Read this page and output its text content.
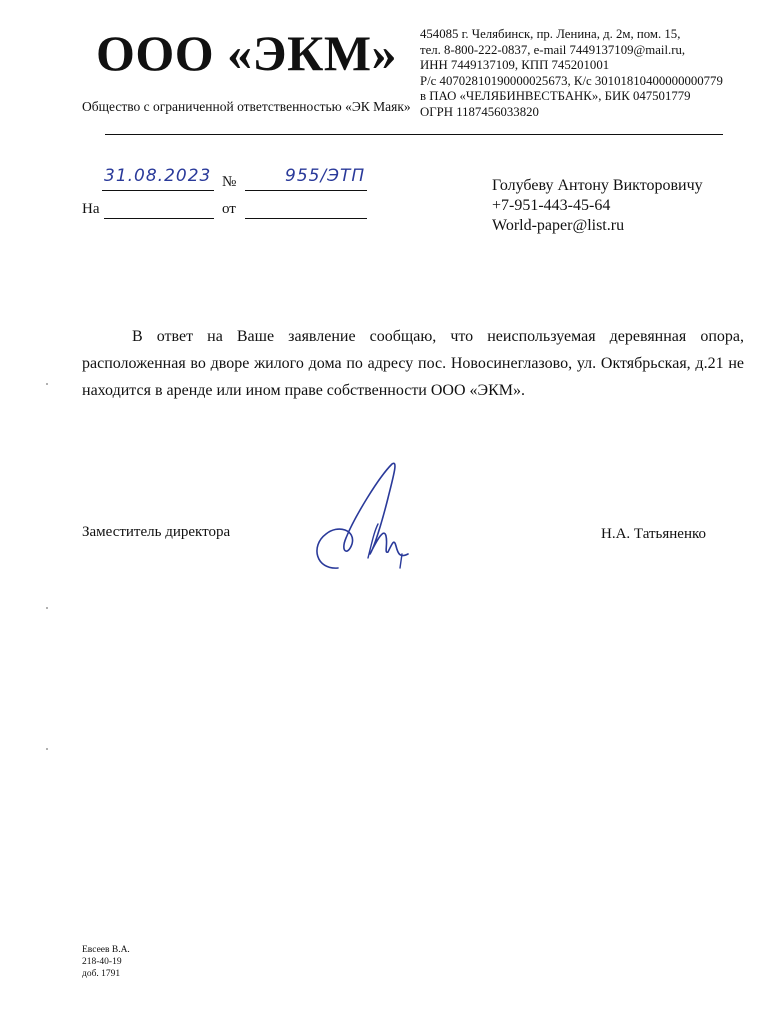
ООО «ЭКМ»
Общество с ограниченной ответственностью «ЭК Маяк»
454085 г. Челябинск, пр. Ленина, д. 2м, пом. 15,
тел. 8-800-222-0837, e-mail 7449137109@mail.ru,
ИНН 7449137109, КПП 745201001
Р/с 40702810190000025673, К/с 30101810400000000779
в ПАО «ЧЕЛЯБИНВЕСТБАНК», БИК 047501779
ОГРН 1187456033820
31.08.2023 №	955/ЭТП
На	от
Голубеву Антону Викторовичу
+7-951-443-45-64
World-paper@list.ru
В ответ на Ваше заявление сообщаю, что неиспользуемая деревянная опора, расположенная во дворе жилого дома по адресу пос. Новосинеглазово, ул. Октябрьская, д.21 не находится в аренде или ином праве собственности ООО «ЭКМ».
Заместитель директора	Н.А. Татьяненко
Евсеев В.А.
218-40-19
доб. 1791
